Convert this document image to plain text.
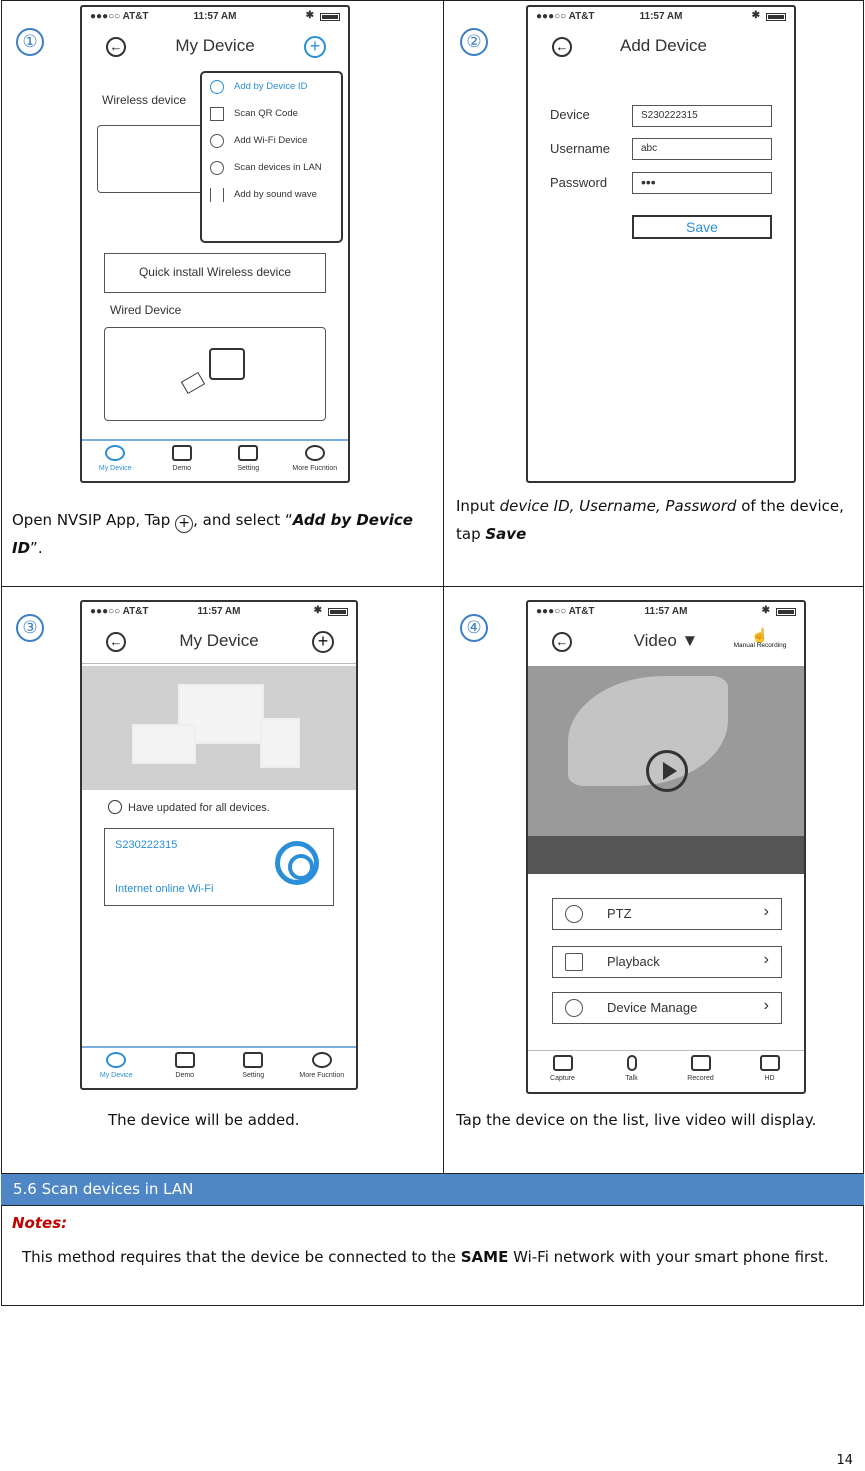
①
●●●○○ AT&T	11:57 AM	✱
←	My Device	+
Wireless device
Add by Device ID
Scan QR Code
Add Wi-Fi Device
Scan devices in LAN
Add by sound wave
Quick install Wireless device
Wired Device
My Device	Demo	Setting	More Fucntion
Open NVSIP App, Tap + , and select “Add by Device ID”.
②
●●●○○ AT&T	11:57 AM	✱
←	Add Device
Device	S230222315
Username	abc
Password	•••
Save
Input device ID, Username, Password of the device, tap Save
③
●●●○○ AT&T	11:57 AM	✱
←	My Device	+
Have updated for all devices.
S230222315
Internet online Wi-Fi
My Device	Demo	Setting	More Fucntion
The device will be added.
④
●●●○○ AT&T	11:57 AM	✱
←	Video ▼	☝
Manual Recording
PTZ	›
Playback	›
Device Manage	›
Capture	Talk	Recored	HD
Tap the device on the list, live video will display.
5.6 Scan devices in LAN
Notes:
This method requires that the device be connected to the SAME Wi-Fi network with your smart phone first.
14
